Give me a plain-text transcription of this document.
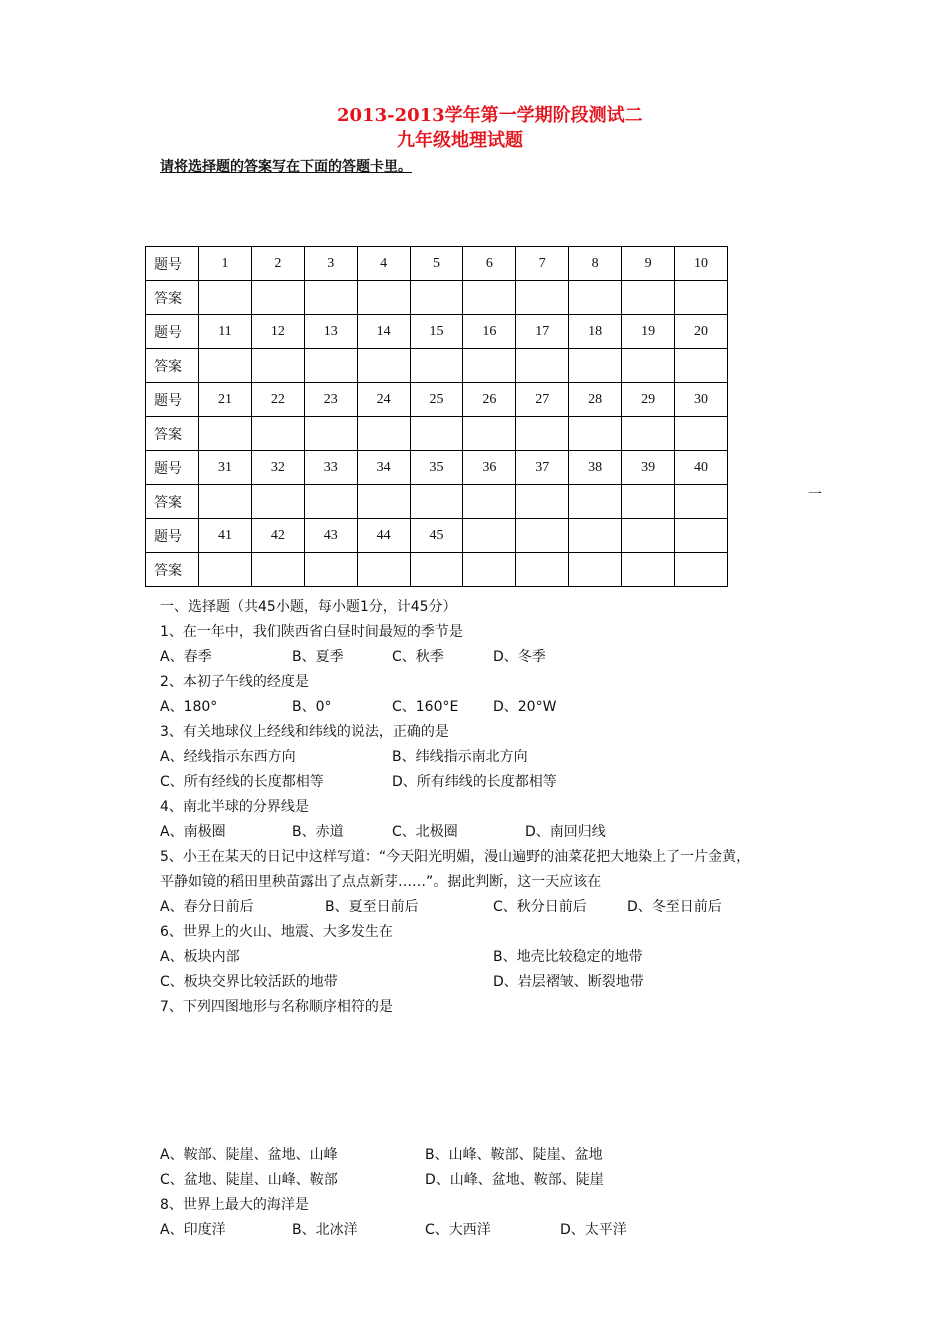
2013-2013学年第一学期阶段测试二
九年级地理试题
请将选择题的答案写在下面的答题卡里。
题号	1	2	3	4	5	6	7	8	9	10
答案										
题号	11	12	13	14	15	16	17	18	19	20
答案										
题号	21	22	23	24	25	26	27	28	29	30
答案										
题号	31	32	33	34	35	36	37	38	39	40
答案										
题号	41	42	43	44	45					
答案										
一
一、选择题（共45小题，每小题1分，计45分）
1、在一年中，我们陕西省白昼时间最短的季节是
A、春季	B、夏季	C、秋季	D、冬季
2、本初子午线的经度是
A、180°	B、0°	C、160°E D、20°W
3、有关地球仪上经线和纬线的说法，正确的是
A、经线指示东西方向	B、纬线指示南北方向
C、所有经线的长度都相等	D、所有纬线的长度都相等
4、南北半球的分界线是
A、南极圈	B、赤道	C、北极圈	D、南回归线
5、小王在某天的日记中这样写道：“今天阳光明媚，漫山遍野的油菜花把大地染上了一片金黄，
平静如镜的稻田里秧苗露出了点点新芽……”。据此判断，这一天应该在
A、春分日前后	B、夏至日前后	C、秋分日前后	D、冬至日前后
6、世界上的火山、地震、大多发生在
A、板块内部	B、地壳比较稳定的地带
C、板块交界比较活跃的地带	D、岩层褶皱、断裂地带
7、下列四图地形与名称顺序相符的是
A、鞍部、陡崖、盆地、山峰	B、山峰、鞍部、陡崖、盆地
C、盆地、陡崖、山峰、鞍部	D、山峰、盆地、鞍部、陡崖
8、世界上最大的海洋是
A、印度洋	B、北冰洋	C、大西洋	D、太平洋
